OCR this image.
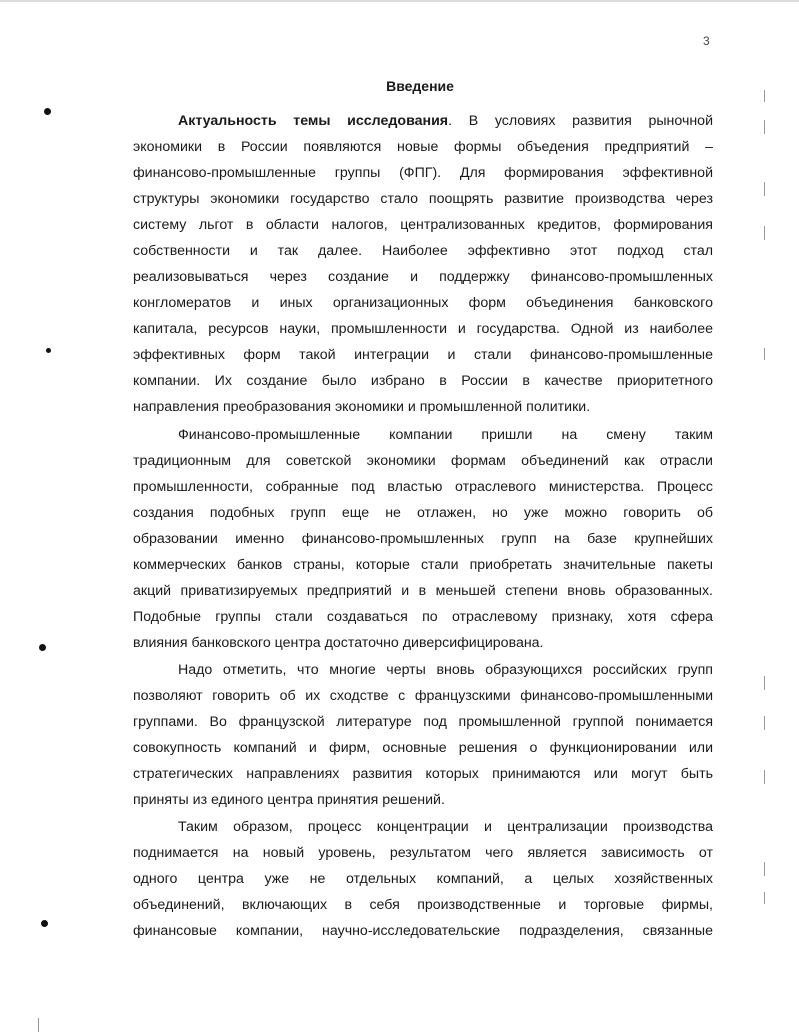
3
Введение
Актуальность темы исследования. В условиях развития рыночной
экономики в России появляются новые формы объедения предприятий –
финансово-промышленные группы (ФПГ). Для формирования эффективной
структуры экономики государство стало поощрять развитие производства через
систему льгот в области налогов, централизованных кредитов, формирования
собственности и так далее. Наиболее эффективно этот подход стал
реализовываться через создание и поддержку финансово-промышленных
конгломератов и иных организационных форм объединения банковского
капитала, ресурсов науки, промышленности и государства. Одной из наиболее
эффективных форм такой интеграции и стали финансово-промышленные
компании. Их создание было избрано в России в качестве приоритетного
направления преобразования экономики и промышленной политики.
Финансово-промышленные компании пришли на смену таким
традиционным для советской экономики формам объединений как отрасли
промышленности, собранные под властью отраслевого министерства. Процесс
создания подобных групп еще не отлажен, но уже можно говорить об
образовании именно финансово-промышленных групп на базе крупнейших
коммерческих банков страны, которые стали приобретать значительные пакеты
акций приватизируемых предприятий и в меньшей степени вновь образованных.
Подобные группы стали создаваться по отраслевому признаку, хотя сфера
влияния банковского центра достаточно диверсифицирована.
Надо отметить, что многие черты вновь образующихся российских групп
позволяют говорить об их сходстве с французскими финансово-промышленными
группами. Во французской литературе под промышленной группой понимается
совокупность компаний и фирм, основные решения о функционировании или
стратегических направлениях развития которых принимаются или могут быть
приняты из единого центра принятия решений.
Таким образом, процесс концентрации и централизации производства
поднимается на новый уровень, результатом чего является зависимость от
одного центра уже не отдельных компаний, а целых хозяйственных
объединений, включающих в себя производственные и торговые фирмы,
финансовые компании, научно-исследовательские подразделения, связанные
